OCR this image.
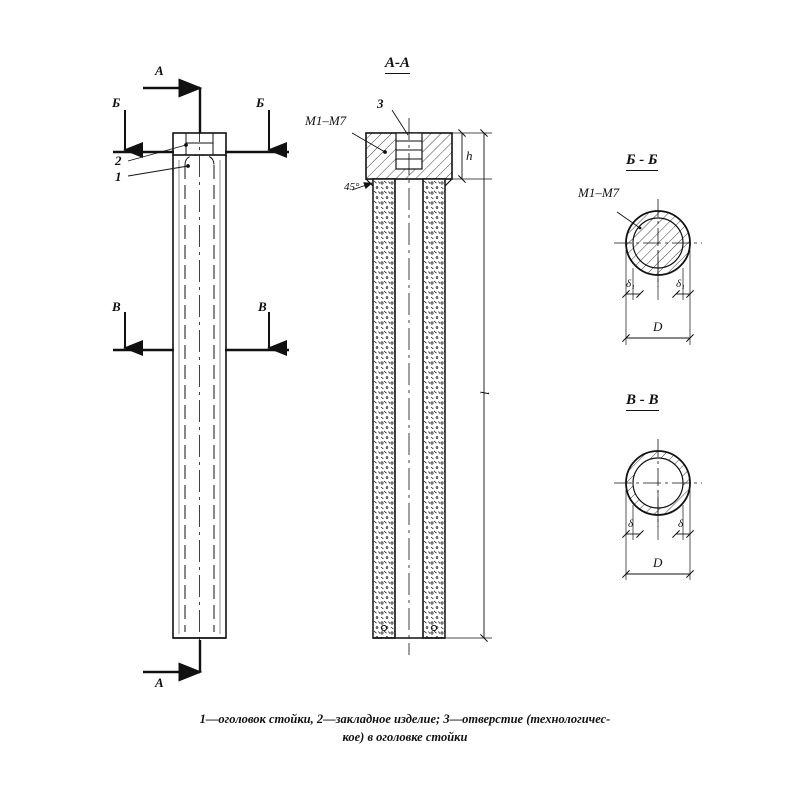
А-А
Б - Б
В - В
А
А
Б	Б
В	В
2
1
3
М1–М7
45°
h
l
М1–М7
δ₁	δ₁
D
δ	δ
D
1—оголовок стойки, 2—закладное изделие; 3—отверстие (технологичес-
кое) в оголовке стойки
